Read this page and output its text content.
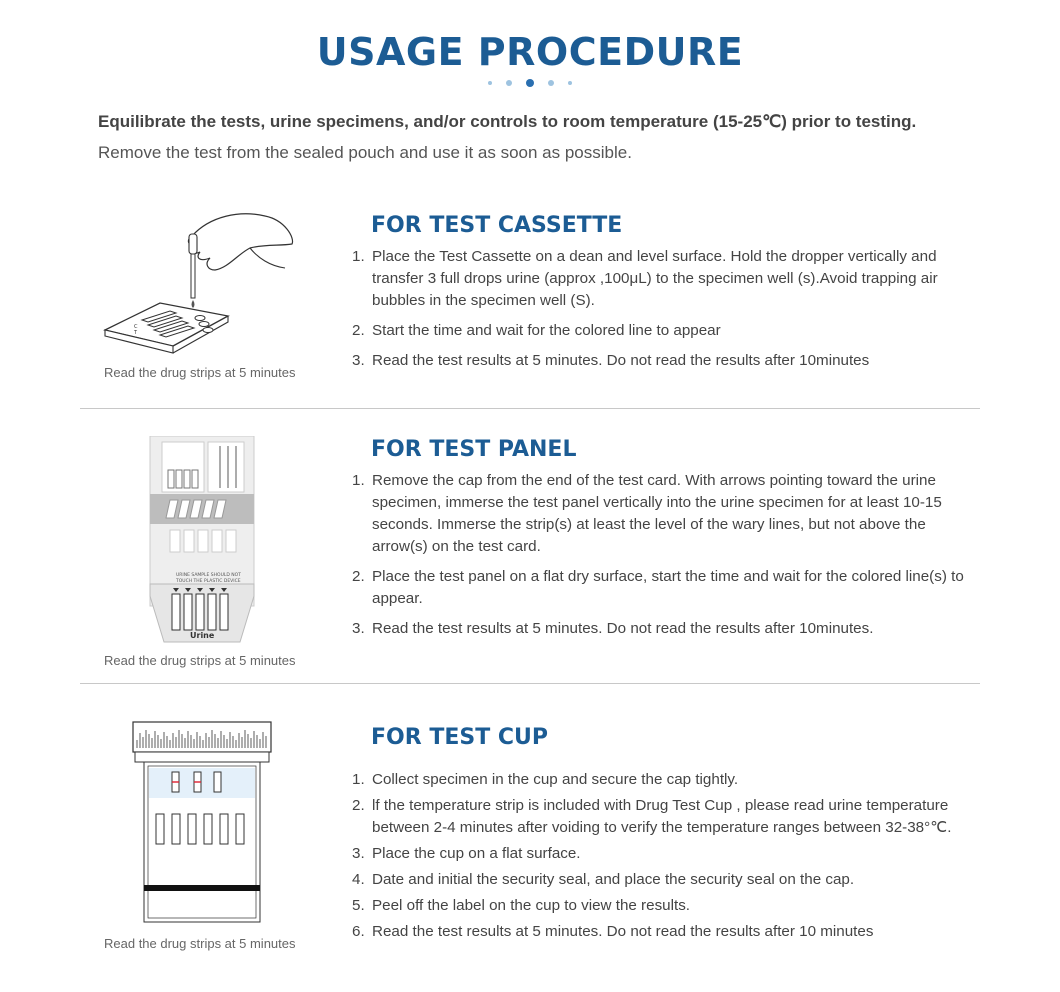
USAGE PROCEDURE
Equilibrate the tests, urine specimens, and/or controls to room temperature (15-25℃) prior to testing.
Remove the test from the sealed pouch and use it as soon as possible.
C
T
Read the drug strips at 5 minutes
FOR TEST CASSETTE
1. Place the Test Cassette on a dean and level surface. Hold the dropper vertically and transfer 3 full drops urine (approx ,100μL) to the specimen well (s).Avoid trapping air bubbles in the specimen well (S).
2. Start the time and wait for the colored line to appear
3. Read the test results at 5 minutes. Do not read the results after 10minutes
URINE SAMPLE SHOULD NOT
TOUCH THE PLASTIC DEVICE
Urine
Read the drug strips at 5 minutes
FOR TEST PANEL
1. Remove the cap from the end of the test card. With arrows pointing toward the urine specimen, immerse the test panel vertically into the urine specimen for at least 10-15 seconds. Immerse the strip(s) at least the level of the wary lines, but not above the arrow(s) on the test card.
2. Place the test panel on a flat dry surface, start the time and wait for the colored line(s) to appear.
3. Read the test results at 5 minutes. Do not read the results after 10minutes.
Read the drug strips at 5 minutes
FOR TEST CUP
1. Collect specimen in the cup and secure the cap tightly.
2. lf the temperature strip is included with Drug Test Cup , please read urine temperature between 2-4 minutes after voiding to verify the temperature ranges between 32-38°℃.
3. Place the cup on a flat surface.
4. Date and initial the security seal, and place the security seal on the cap.
5. Peel off the label on the cup to view the results.
6. Read the test results at 5 minutes. Do not read the results after 10 minutes
